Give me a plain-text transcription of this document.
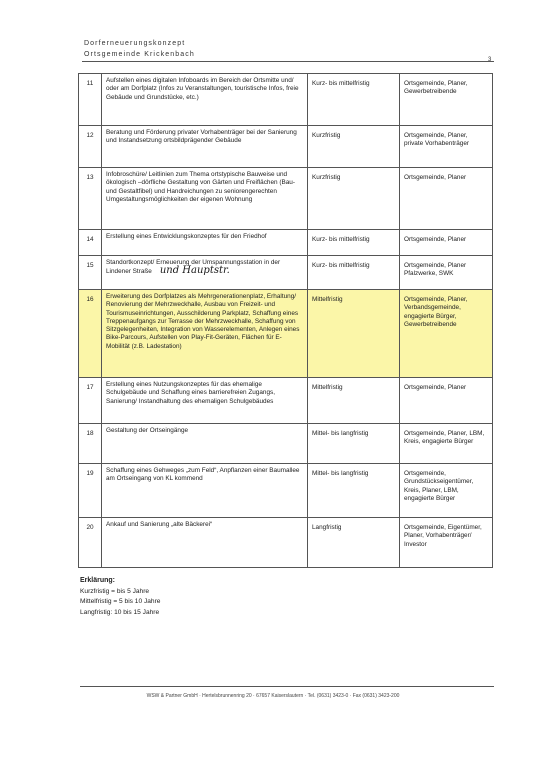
Dorferneuerungskonzept
Ortsgemeinde Krickenbach
3
11	Aufstellen eines digitalen Infoboards im Bereich der Ortsmitte und/ oder am Dorfplatz (Infos zu Veranstaltungen, touristische Infos, freie Gebäude und Grundstücke, etc.)	Kurz- bis mittelfristig	Ortsgemeinde, Planer, Gewerbetreibende
12	Beratung und Förderung privater Vorhabenträger bei der Sanierung und Instandsetzung ortsbildprägender Gebäude	Kurzfristig	Ortsgemeinde, Planer, private Vorhabenträger
13	Infobroschüre/ Leitlinien zum Thema ortstypische Bauweise und ökologisch –dörfliche Gestaltung von Gärten und Freiflächen (Bau- und Gestaltfibel) und Handreichungen zu seniorengerechten Umgestaltungsmöglichkeiten der eigenen Wohnung	Kurzfristig	Ortsgemeinde, Planer
14	Erstellung eines Entwicklungskonzeptes für den Friedhof	Kurz- bis mittelfristig	Ortsgemeinde, Planer
15	Standortkonzept/ Erneuerung der Umspannungsstation in der Lindener Straße und Hauptstr.	Kurz- bis mittelfristig	Ortsgemeinde, Planer Pfalzwerke, SWK
16	Erweiterung des Dorfplatzes als Mehrgenerationenplatz, Erhaltung/ Renovierung der Mehrzweckhalle, Ausbau von Freizeit- und Tourismuseinrichtungen, Ausschilderung Parkplatz, Schaffung eines Treppenaufgangs zur Terrasse der Mehrzweckhalle, Schaffung von Sitzgelegenheiten, Integration von Wasserelementen, Anlegen eines Bike-Parcours, Aufstellen von Play-Fit-Geräten, Flächen für E-Mobilität (z.B. Ladestation)	Mittelfristig	Ortsgemeinde, Planer, Verbandsgemeinde, engagierte Bürger, Gewerbetreibende
17	Erstellung eines Nutzungskonzeptes für das ehemalige Schulgebäude und Schaffung eines barrierefreien Zugangs, Sanierung/ Instandhaltung des ehemaligen Schulgebäudes	Mittelfristig	Ortsgemeinde, Planer
18	Gestaltung der Ortseingänge	Mittel- bis langfristig	Ortsgemeinde, Planer, LBM, Kreis, engagierte Bürger
19	Schaffung eines Gehweges „zum Feld“, Anpflanzen einer Baumallee am Ortseingang von KL kommend	Mittel- bis langfristig	Ortsgemeinde, Grundstückseigentümer, Kreis, Planer, LBM, engagierte Bürger
20	Ankauf und Sanierung „alte Bäckerei“	Langfristig	Ortsgemeinde, Eigentümer, Planer, Vorhabenträger/ Investor
Erklärung:
Kurzfristig = bis 5 Jahre
Mittelfristig = 5 bis 10 Jahre
Langfristig: 10 bis 15 Jahre
WSW & Partner GmbH · Hertelsbrunnenring 20 · 67657 Kaiserslautern · Tel. (0631) 3423-0 · Fax (0631) 3423-200
